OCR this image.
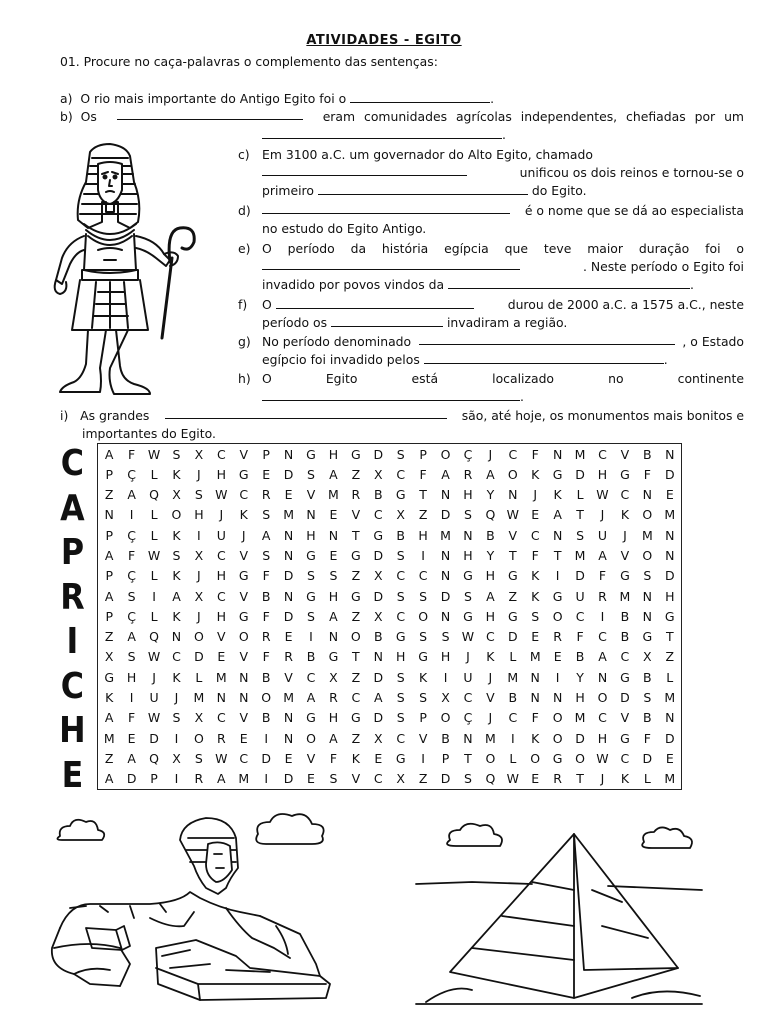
ATIVIDADES - EGITO
01. Procure no caça-palavras o complemento das sentenças:
a) O rio mais importante do Antigo Egito foi o	.
b) Os	eram comunidades agrícolas independentes, chefiadas por um
.
c) Em 3100 a.C. um governador do Alto Egito, chamado
unificou os dois reinos e tornou-se o
primeiro	do Egito.
d)	é o nome que se dá ao especialista
no estudo do Egito Antigo.
e) O período da história egípcia que teve maior duração foi o
. Neste período o Egito foi
invadido por povos vindos da	.
f) O	durou de 2000 a.C. a 1575 a.C., neste
período os	invadiram a região.
g) No período denominado	, o Estado
egípcio foi invadido pelos	.
h) O Egito está localizado no continente
.
i) As grandes	são, até hoje, os monumentos mais bonitos e
importantes do Egito.
C
A
P
R
I
C
H
E
A	F	W	S	X	C	V	P	N	G	H	G	D	S	P	O	Ç	J	C	F	N	M	C	V	B	N
P	Ç	L	K	J	H	G	E	D	S	A	Z	X	C	F	A	R	A	O	K	G	D	H	G	F	D
Z	A	Q	X	S	W	C	R	E	V	M	R	B	G	T	N	H	Y	N	J	K	L	W	C	N	E
N	I	L	O	H	J	K	S	M	N	E	V	C	X	Z	D	S	Q	W	E	A	T	J	K	O	M
P	Ç	L	K	I	U	J	A	N	H	N	T	G	B	H	M	N	B	V	C	N	S	U	J	M	N
A	F	W	S	X	C	V	S	N	G	E	G	D	S	I	N	H	Y	T	F	T	M	A	V	O	N
P	Ç	L	K	J	H	G	F	D	S	S	Z	X	C	C	N	G	H	G	K	I	D	F	G	S	D
A	S	I	A	X	C	V	B	N	G	H	G	D	S	S	D	S	A	Z	K	G	U	R	M	N	H
P	Ç	L	K	J	H	G	F	D	S	A	Z	X	C	O	N	G	H	G	S	O	C	I	B	N	G
Z	A	Q	N	O	V	O	R	E	I	N	O	B	G	S	S	W	C	D	E	R	F	C	B	G	T
X	S	W	C	D	E	V	F	R	B	G	T	N	H	G	H	J	K	L	M	E	B	A	C	X	Z
G	H	J	K	L	M	N	B	V	C	X	Z	D	S	K	I	U	J	M	N	I	Y	N	G	B	L
K	I	U	J	M	N	N	O	M	A	R	C	A	S	S	X	C	V	B	N	N	H	O	D	S	M
A	F	W	S	X	C	V	B	N	G	H	G	D	S	P	O	Ç	J	C	F	O	M	C	V	B	N
M	E	D	I	O	R	E	I	N	O	A	Z	X	C	V	B	N	M	I	K	O	D	H	G	F	D
Z	A	Q	X	S	W	C	D	E	V	F	K	E	G	I	P	T	O	L	O	G	O	W	C	D	E
A	D	P	I	R	A	M	I	D	E	S	V	C	X	Z	D	S	Q	W	E	R	T	J	K	L	M
